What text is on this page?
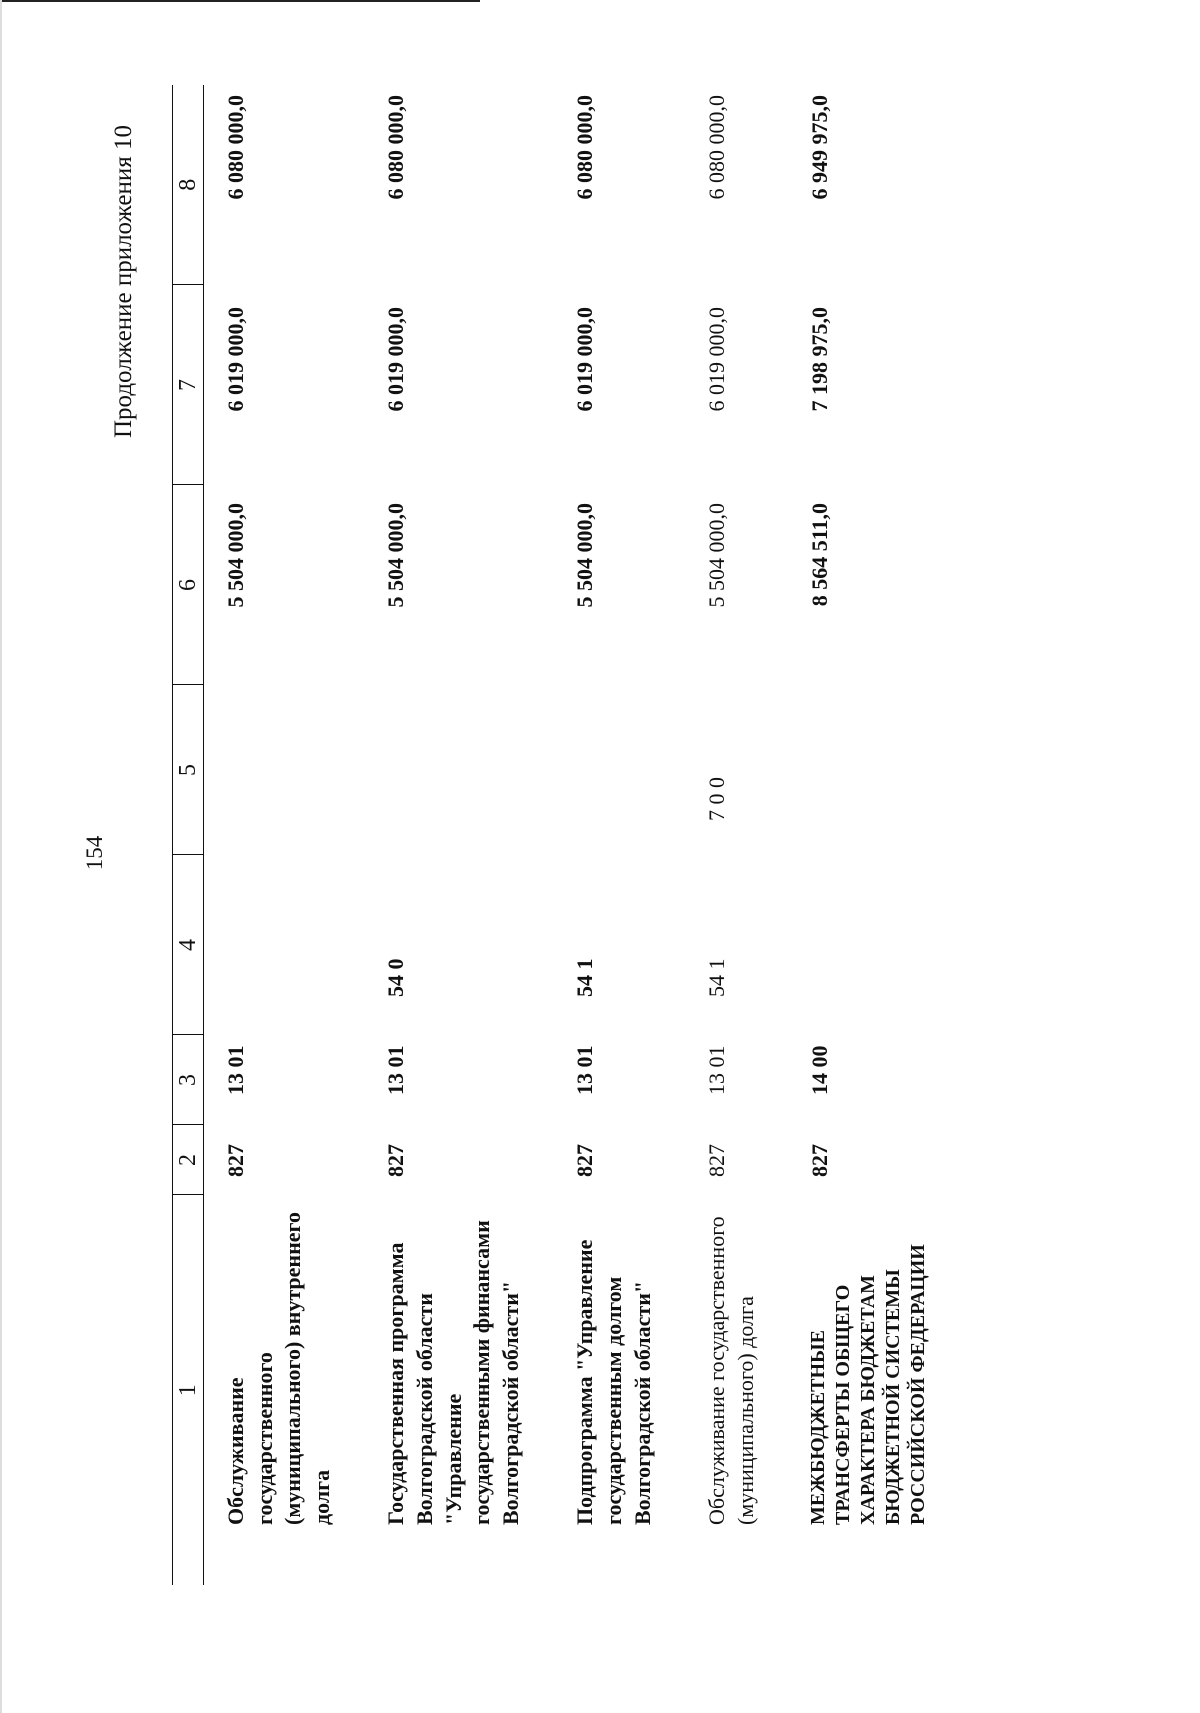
154
Продолжение приложения 10
1	2	3	4	5	6	7	8
Обслуживание государственного (муниципального) внутреннего долга	827	13 01			5 504 000,0	6 019 000,0	6 080 000,0
Государственная программа Волгоградской области "Управление государственными финансами Волгоградской области"	827	13 01	54 0		5 504 000,0	6 019 000,0	6 080 000,0
Подпрограмма "Управление государственным долгом Волгоградской области"	827	13 01	54 1		5 504 000,0	6 019 000,0	6 080 000,0
Обслуживание государственного (муниципального) долга	827	13 01	54 1	7 0 0	5 504 000,0	6 019 000,0	6 080 000,0
МЕЖБЮДЖЕТНЫЕ ТРАНСФЕРТЫ ОБЩЕГО ХАРАКТЕРА БЮДЖЕТАМ БЮДЖЕТНОЙ СИСТЕМЫ РОССИЙСКОЙ ФЕДЕРАЦИИ	827	14 00			8 564 511,0	7 198 975,0	6 949 975,0
